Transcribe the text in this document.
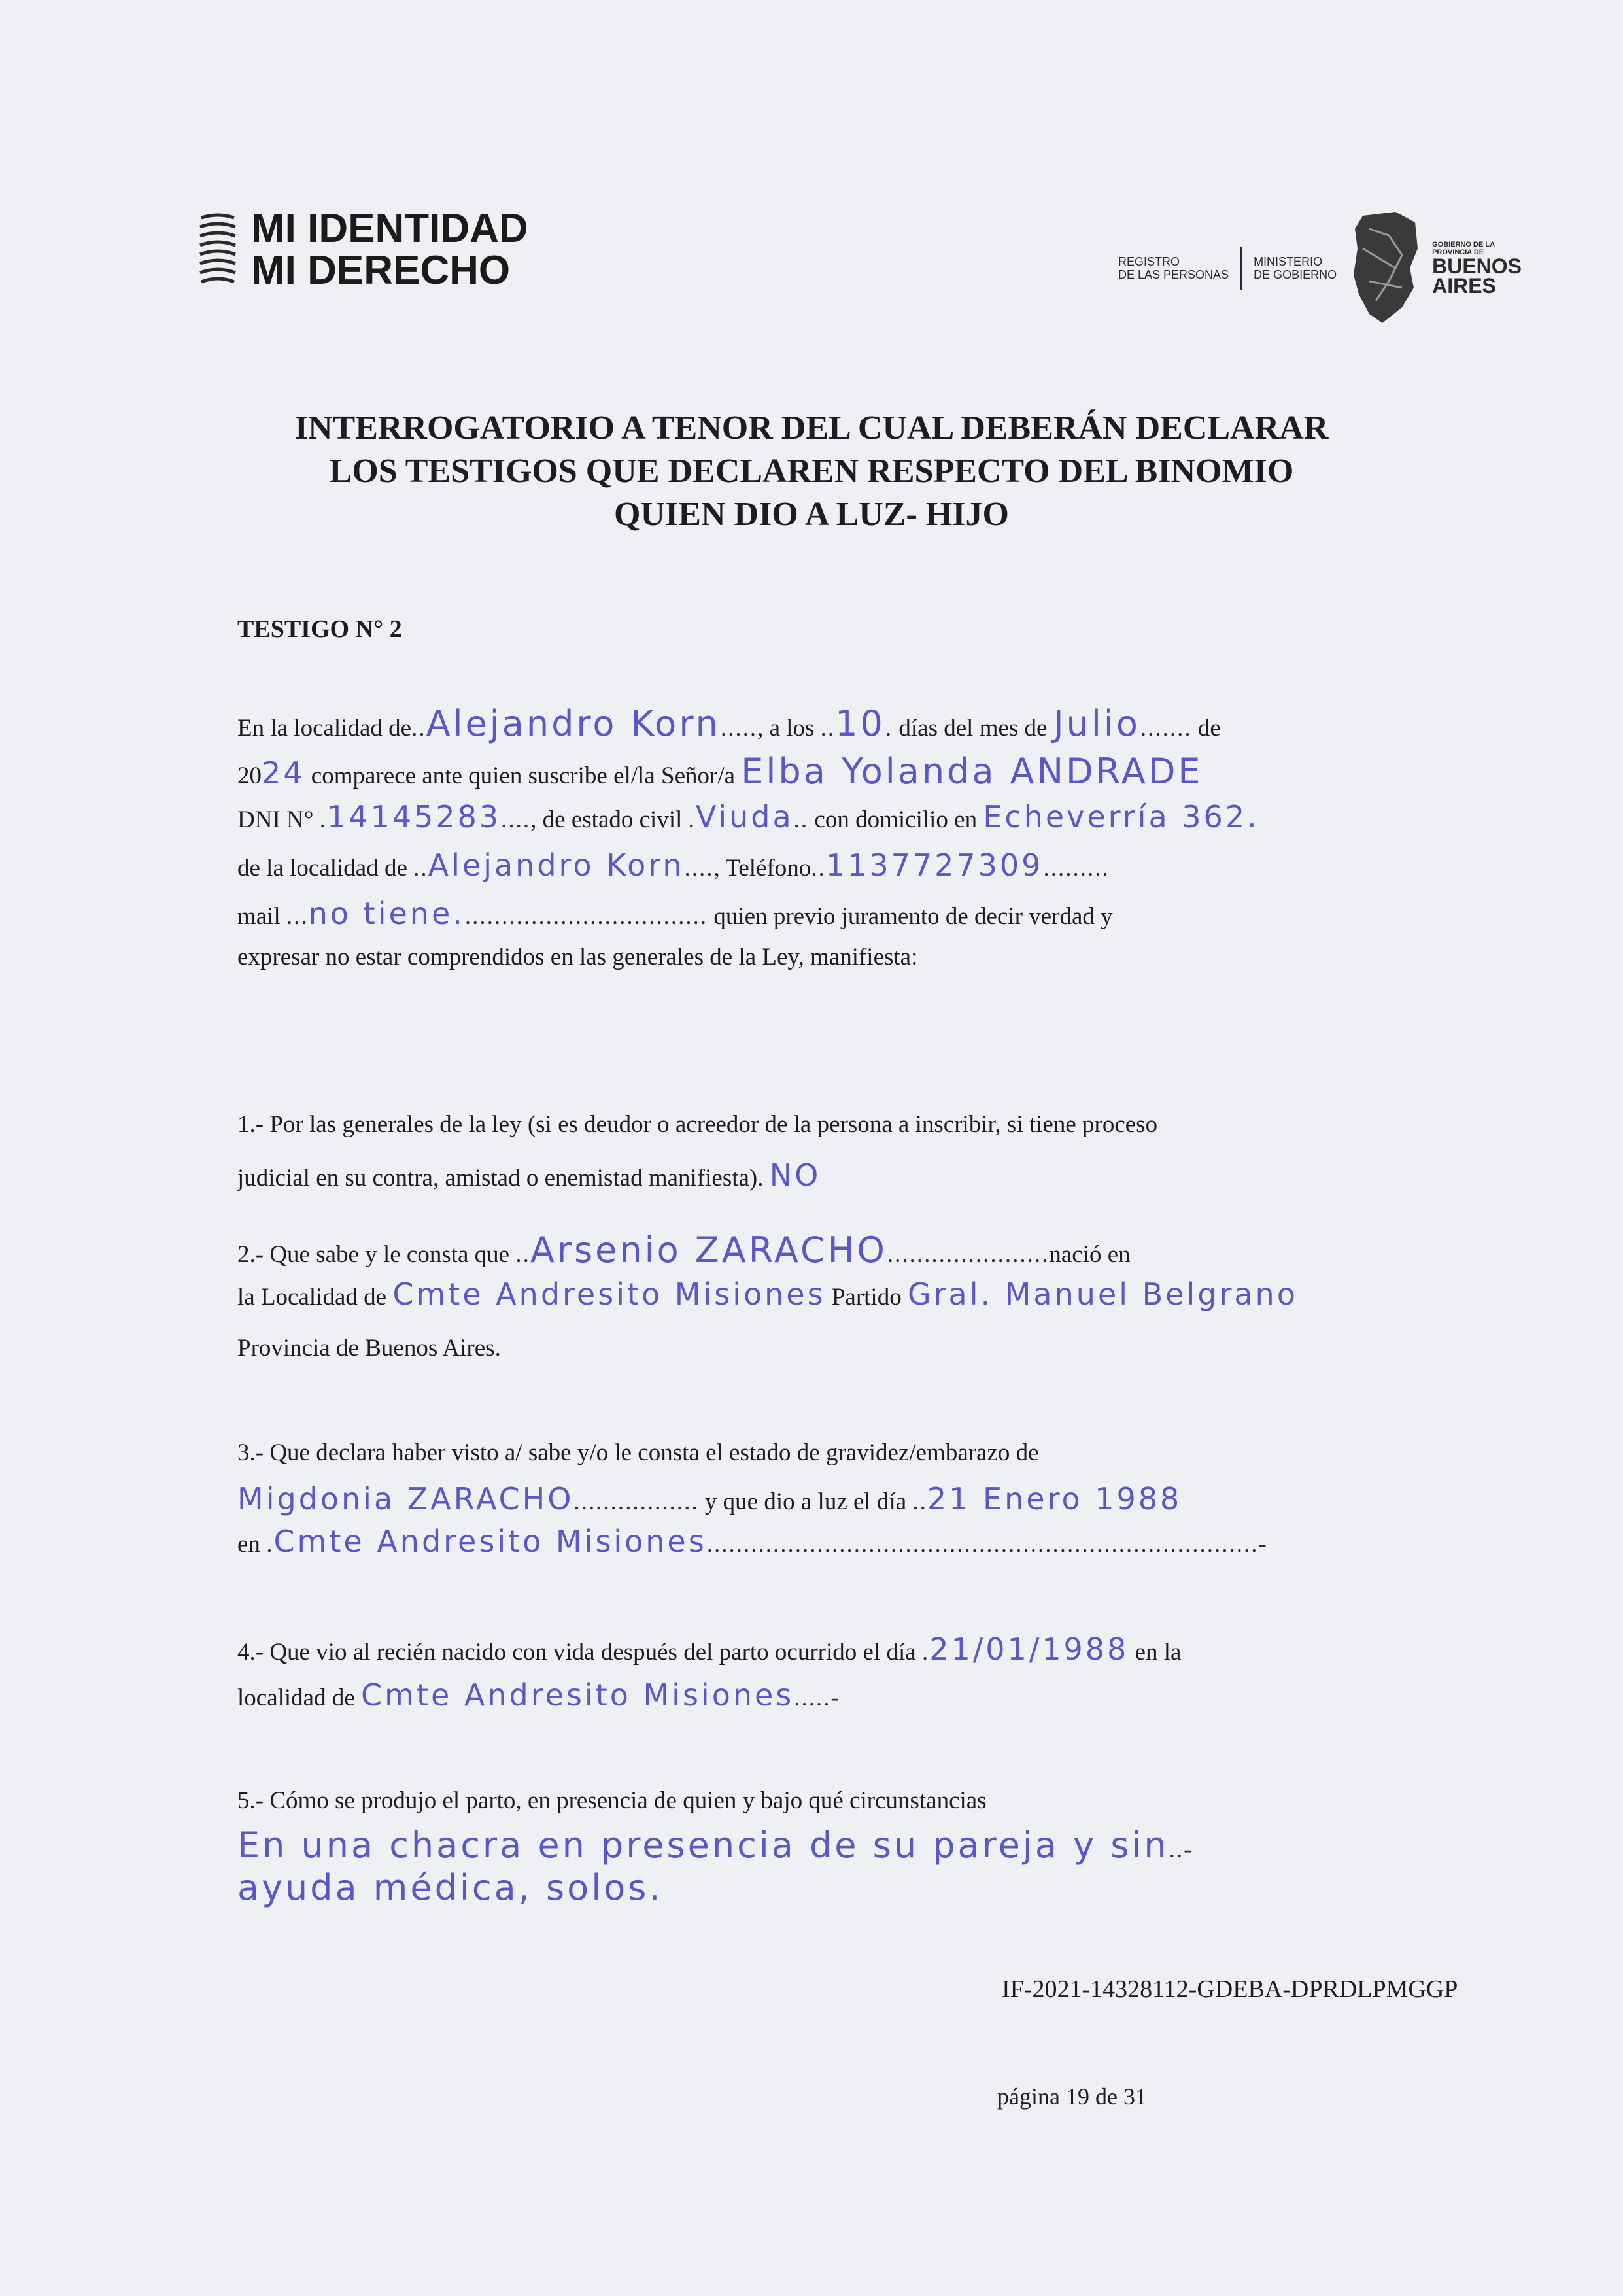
MI IDENTIDAD
MI DERECHO	REGISTRO
DE LAS PERSONAS
MINISTERIO
DE GOBIERNO
GOBIERNO DE LA
PROVINCIA DE
BUENOS
AIRES
INTERROGATORIO A TENOR DEL CUAL DEBERÁN DECLARAR
LOS TESTIGOS QUE DECLAREN RESPECTO DEL BINOMIO
QUIEN DIO A LUZ- HIJO
TESTIGO N° 2
En la localidad de..Alejandro Korn....., a los ..10. días del mes de Julio....... de
2024 comparece ante quien suscribe el/la Señor/a Elba Yolanda ANDRADE
DNI N° .14145283...., de estado civil .Viuda.. con domicilio en Echeverría 362.
de la localidad de ..Alejandro Korn...., Teléfono..1137727309.........
mail ...no tiene.................................. quien previo juramento de decir verdad y
expresar no estar comprendidos en las generales de la Ley, manifiesta:
1.- Por las generales de la ley (si es deudor o acreedor de la persona a inscribir, si tiene proceso
judicial en su contra, amistad o enemistad manifiesta). NO
2.- Que sabe y le consta que ..Arsenio ZARACHO......................nació en
la Localidad de Cmte Andresito Misiones Partido Gral. Manuel Belgrano
Provincia de Buenos Aires.
3.- Que declara haber visto a/ sabe y/o le consta el estado de gravidez/embarazo de
Migdonia ZARACHO................. y que dio a luz el día ..21 Enero 1988
en .Cmte Andresito Misiones...........................................................................-
4.- Que vio al recién nacido con vida después del parto ocurrido el día .21/01/1988 en la
localidad de Cmte Andresito Misiones.....-
5.- Cómo se produjo el parto, en presencia de quien y bajo qué circunstancias
En una chacra en presencia de su pareja y sin..-
ayuda médica, solos.
IF-2021-14328112-GDEBA-DPRDLPMGGP
página 19 de 31
